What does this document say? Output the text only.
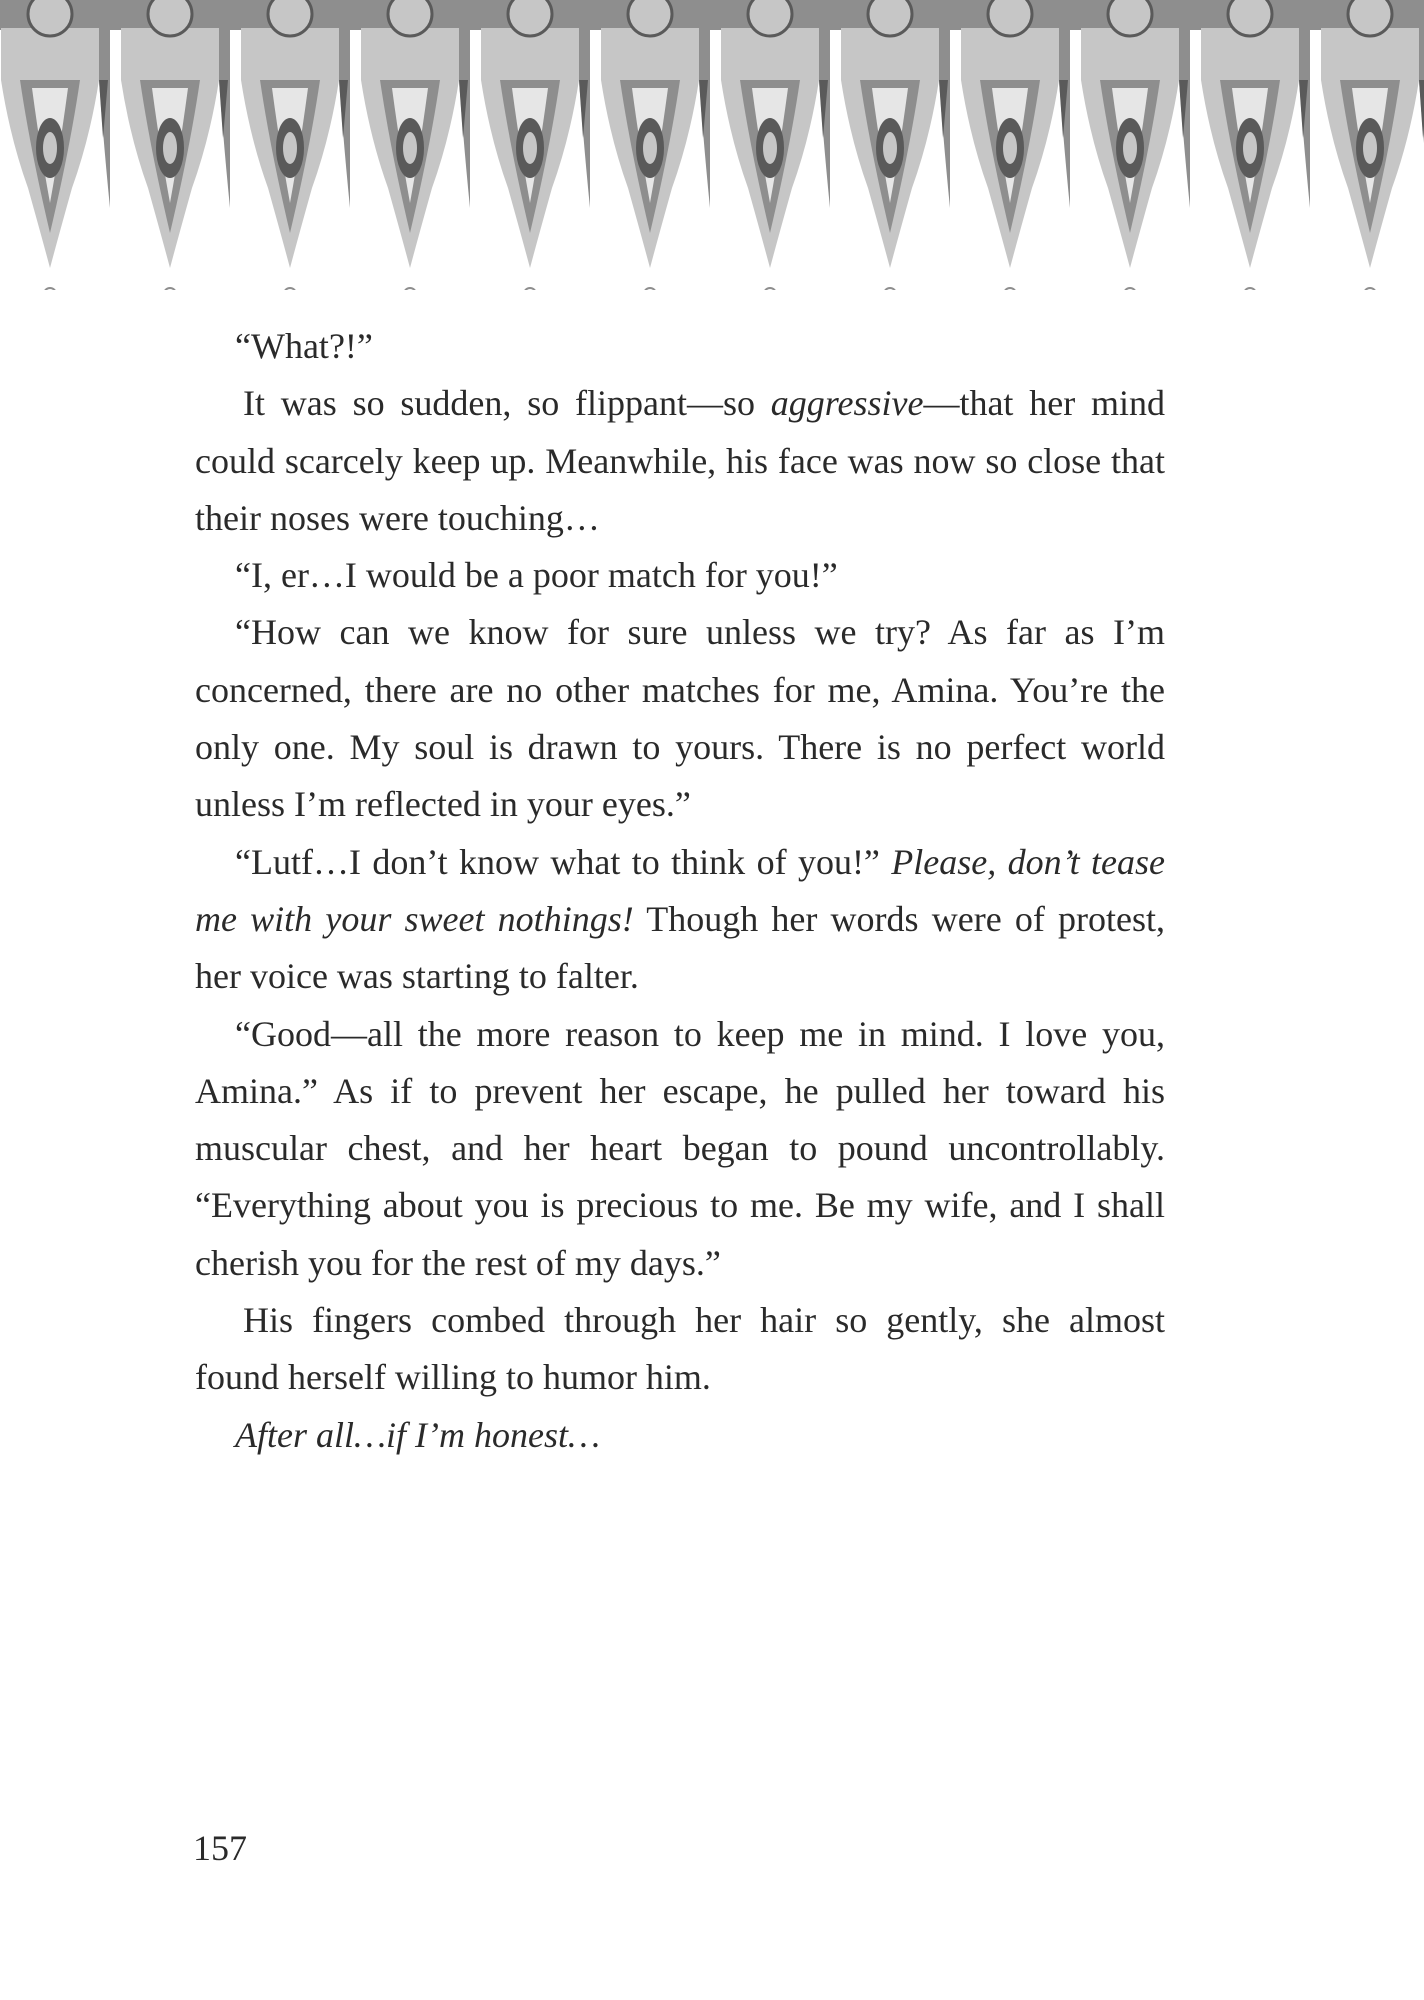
“What?!”

It was so sudden, so flippant—so aggressive—that her mind could scarcely keep up. Meanwhile, his face was now so close that their noses were touching…

“I, er…I would be a poor match for you!”

“How can we know for sure unless we try? As far as I’m concerned, there are no other matches for me, Amina. You’re the only one. My soul is drawn to yours. There is no perfect world unless I’m reflected in your eyes.”

“Lutf…I don’t know what to think of you!” Please, don’t tease me with your sweet nothings! Though her words were of protest, her voice was starting to falter.

“Good—all the more reason to keep me in mind. I love you, Amina.” As if to prevent her escape, he pulled her toward his muscular chest, and her heart began to pound uncontrollably. “Everything about you is precious to me. Be my wife, and I shall cherish you for the rest of my days.”

His fingers combed through her hair so gently, she almost found herself willing to humor him.

After all…if I’m honest…

157
